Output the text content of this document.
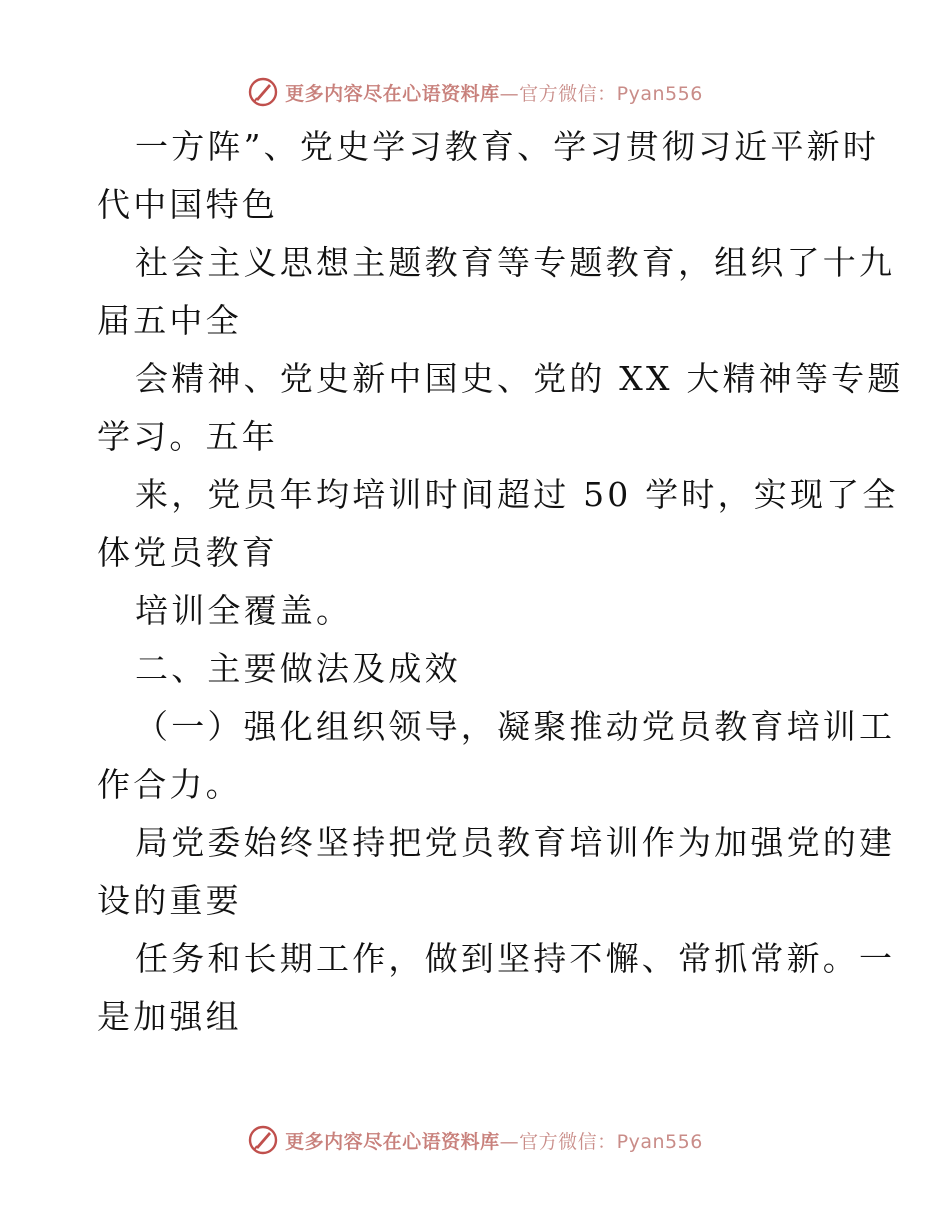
更多内容尽在心语资料库—官方微信：Pyan556

一方阵”、党史学习教育、学习贯彻习近平新时

代中国特色

社会主义思想主题教育等专题教育，组织了十九

届五中全

会精神、党史新中国史、党的 XX 大精神等专题

学习。五年

来，党员年均培训时间超过 50 学时，实现了全

体党员教育

培训全覆盖。

二、主要做法及成效

（一）强化组织领导，凝聚推动党员教育培训工

作合力。

局党委始终坚持把党员教育培训作为加强党的建

设的重要

任务和长期工作，做到坚持不懈、常抓常新。一

是加强组

更多内容尽在心语资料库—官方微信：Pyan556
